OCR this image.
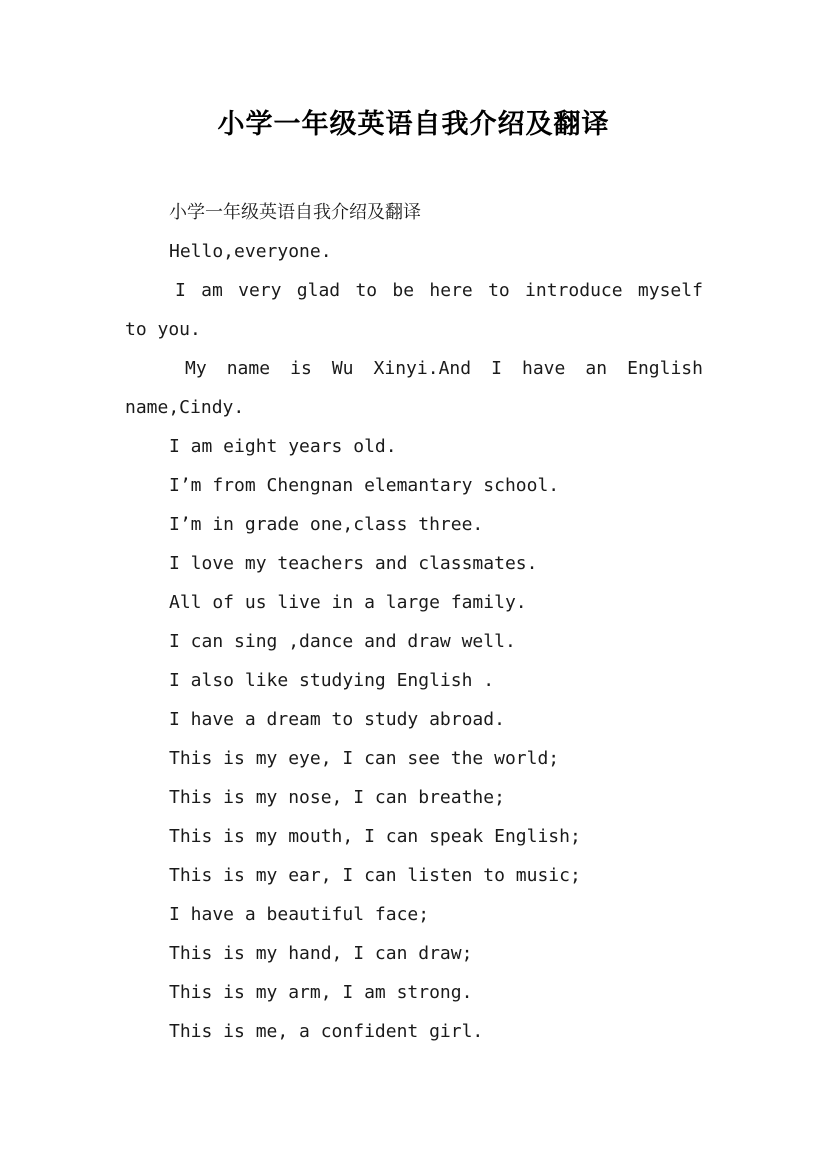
小学一年级英语自我介绍及翻译
小学一年级英语自我介绍及翻译
Hello,everyone.
I am very glad to be here to introduce myself
to you.
My name is Wu Xinyi.And I have an English
name,Cindy.
I am eight years old.
I’m from Chengnan elemantary school.
I’m in grade one,class three.
I love my teachers and classmates.
All of us live in a large family.
I can sing ,dance and draw well.
I also like studying English .
I have a dream to study abroad.
This is my eye, I can see the world;
This is my nose, I can breathe;
This is my mouth, I can speak English;
This is my ear, I can listen to music;
I have a beautiful face;
This is my hand, I can draw;
This is my arm, I am strong.
This is me, a confident girl.
